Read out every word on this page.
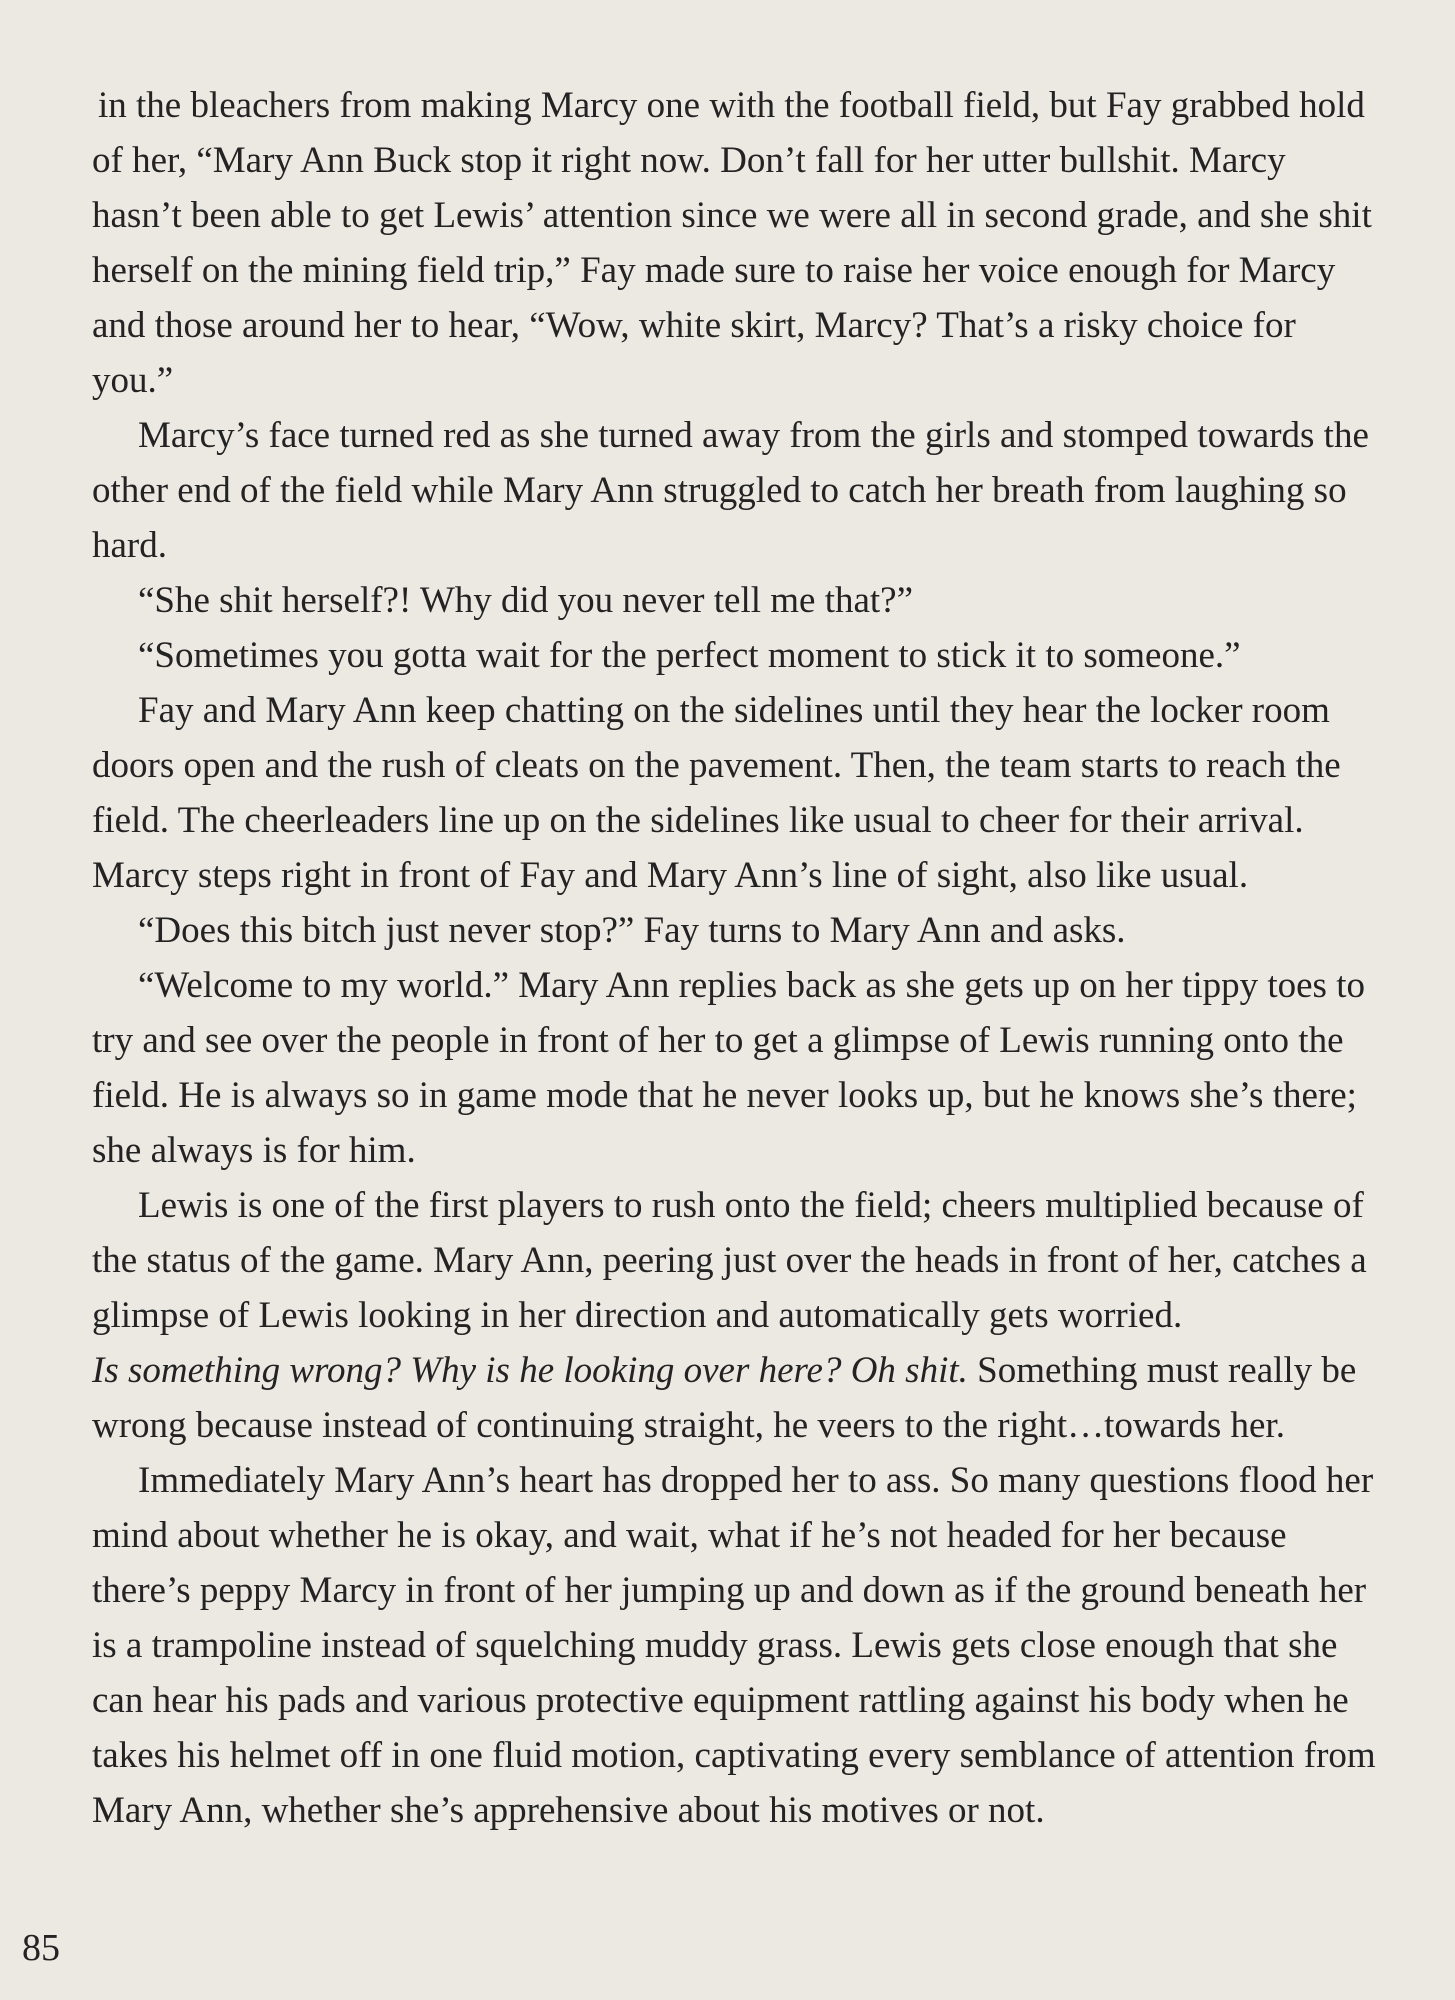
in the bleachers from making Marcy one with the football field, but Fay grabbed hold of her, “Mary Ann Buck stop it right now. Don’t fall for her utter bullshit. Marcy hasn’t been able to get Lewis’ attention since we were all in second grade, and she shit herself on the mining field trip,” Fay made sure to raise her voice enough for Marcy and those around her to hear, “Wow, white skirt, Marcy? That’s a risky choice for you.”

Marcy’s face turned red as she turned away from the girls and stomped towards the other end of the field while Mary Ann struggled to catch her breath from laughing so hard.

“She shit herself?! Why did you never tell me that?”

“Sometimes you gotta wait for the perfect moment to stick it to someone.”

Fay and Mary Ann keep chatting on the sidelines until they hear the locker room doors open and the rush of cleats on the pavement. Then, the team starts to reach the field. The cheerleaders line up on the sidelines like usual to cheer for their arrival. Marcy steps right in front of Fay and Mary Ann’s line of sight, also like usual.

“Does this bitch just never stop?” Fay turns to Mary Ann and asks.

“Welcome to my world.” Mary Ann replies back as she gets up on her tippy toes to try and see over the people in front of her to get a glimpse of Lewis running onto the field. He is always so in game mode that he never looks up, but he knows she’s there; she always is for him.

Lewis is one of the first players to rush onto the field; cheers multiplied because of the status of the game. Mary Ann, peering just over the heads in front of her, catches a glimpse of Lewis looking in her direction and automatically gets worried.
Is something wrong? Why is he looking over here? Oh shit. Something must really be wrong because instead of continuing straight, he veers to the right…towards her.

Immediately Mary Ann’s heart has dropped her to ass. So many questions flood her mind about whether he is okay, and wait, what if he’s not headed for her because there’s peppy Marcy in front of her jumping up and down as if the ground beneath her is a trampoline instead of squelching muddy grass. Lewis gets close enough that she can hear his pads and various protective equipment rattling against his body when he takes his helmet off in one fluid motion, captivating every semblance of attention from Mary Ann, whether she’s apprehensive about his motives or not.

85
